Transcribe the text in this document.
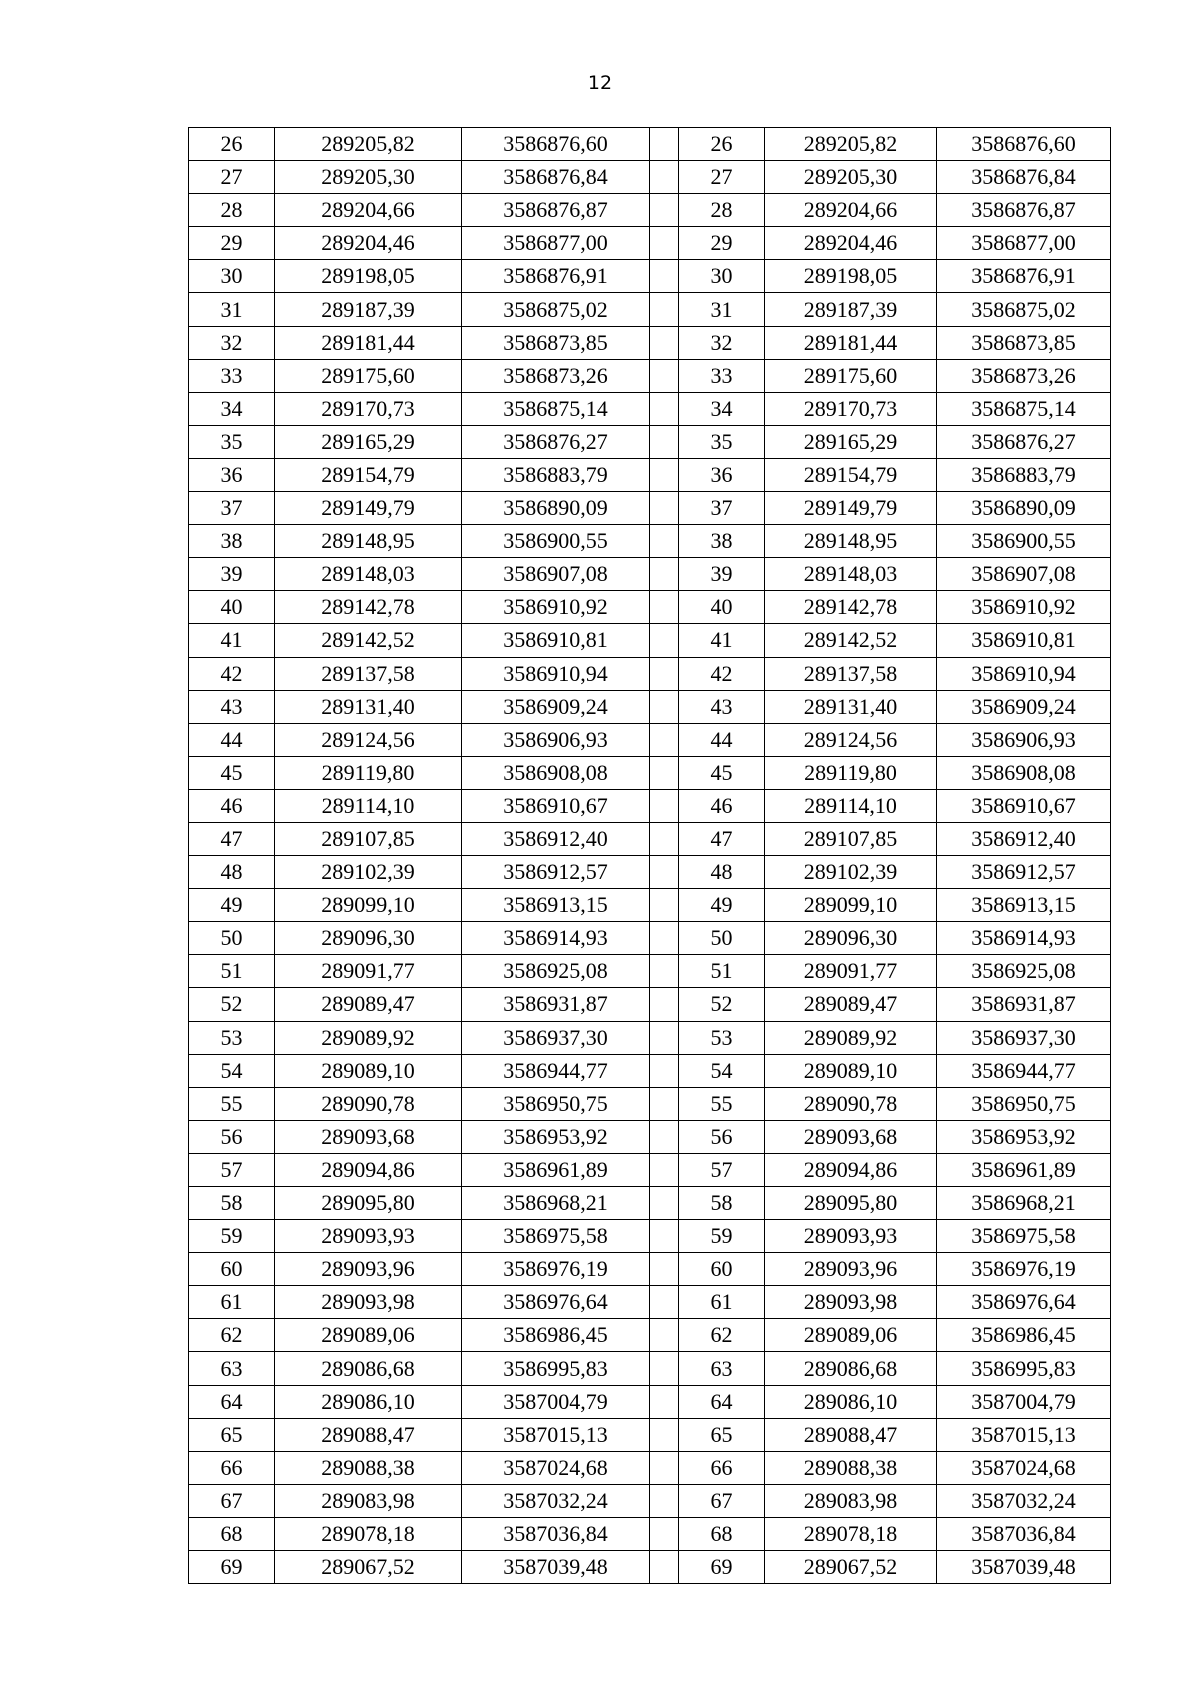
12
26	289205,82	3586876,60		26	289205,82	3586876,60
27	289205,30	3586876,84		27	289205,30	3586876,84
28	289204,66	3586876,87		28	289204,66	3586876,87
29	289204,46	3586877,00		29	289204,46	3586877,00
30	289198,05	3586876,91		30	289198,05	3586876,91
31	289187,39	3586875,02		31	289187,39	3586875,02
32	289181,44	3586873,85		32	289181,44	3586873,85
33	289175,60	3586873,26		33	289175,60	3586873,26
34	289170,73	3586875,14		34	289170,73	3586875,14
35	289165,29	3586876,27		35	289165,29	3586876,27
36	289154,79	3586883,79		36	289154,79	3586883,79
37	289149,79	3586890,09		37	289149,79	3586890,09
38	289148,95	3586900,55		38	289148,95	3586900,55
39	289148,03	3586907,08		39	289148,03	3586907,08
40	289142,78	3586910,92		40	289142,78	3586910,92
41	289142,52	3586910,81		41	289142,52	3586910,81
42	289137,58	3586910,94		42	289137,58	3586910,94
43	289131,40	3586909,24		43	289131,40	3586909,24
44	289124,56	3586906,93		44	289124,56	3586906,93
45	289119,80	3586908,08		45	289119,80	3586908,08
46	289114,10	3586910,67		46	289114,10	3586910,67
47	289107,85	3586912,40		47	289107,85	3586912,40
48	289102,39	3586912,57		48	289102,39	3586912,57
49	289099,10	3586913,15		49	289099,10	3586913,15
50	289096,30	3586914,93		50	289096,30	3586914,93
51	289091,77	3586925,08		51	289091,77	3586925,08
52	289089,47	3586931,87		52	289089,47	3586931,87
53	289089,92	3586937,30		53	289089,92	3586937,30
54	289089,10	3586944,77		54	289089,10	3586944,77
55	289090,78	3586950,75		55	289090,78	3586950,75
56	289093,68	3586953,92		56	289093,68	3586953,92
57	289094,86	3586961,89		57	289094,86	3586961,89
58	289095,80	3586968,21		58	289095,80	3586968,21
59	289093,93	3586975,58		59	289093,93	3586975,58
60	289093,96	3586976,19		60	289093,96	3586976,19
61	289093,98	3586976,64		61	289093,98	3586976,64
62	289089,06	3586986,45		62	289089,06	3586986,45
63	289086,68	3586995,83		63	289086,68	3586995,83
64	289086,10	3587004,79		64	289086,10	3587004,79
65	289088,47	3587015,13		65	289088,47	3587015,13
66	289088,38	3587024,68		66	289088,38	3587024,68
67	289083,98	3587032,24		67	289083,98	3587032,24
68	289078,18	3587036,84		68	289078,18	3587036,84
69	289067,52	3587039,48		69	289067,52	3587039,48
